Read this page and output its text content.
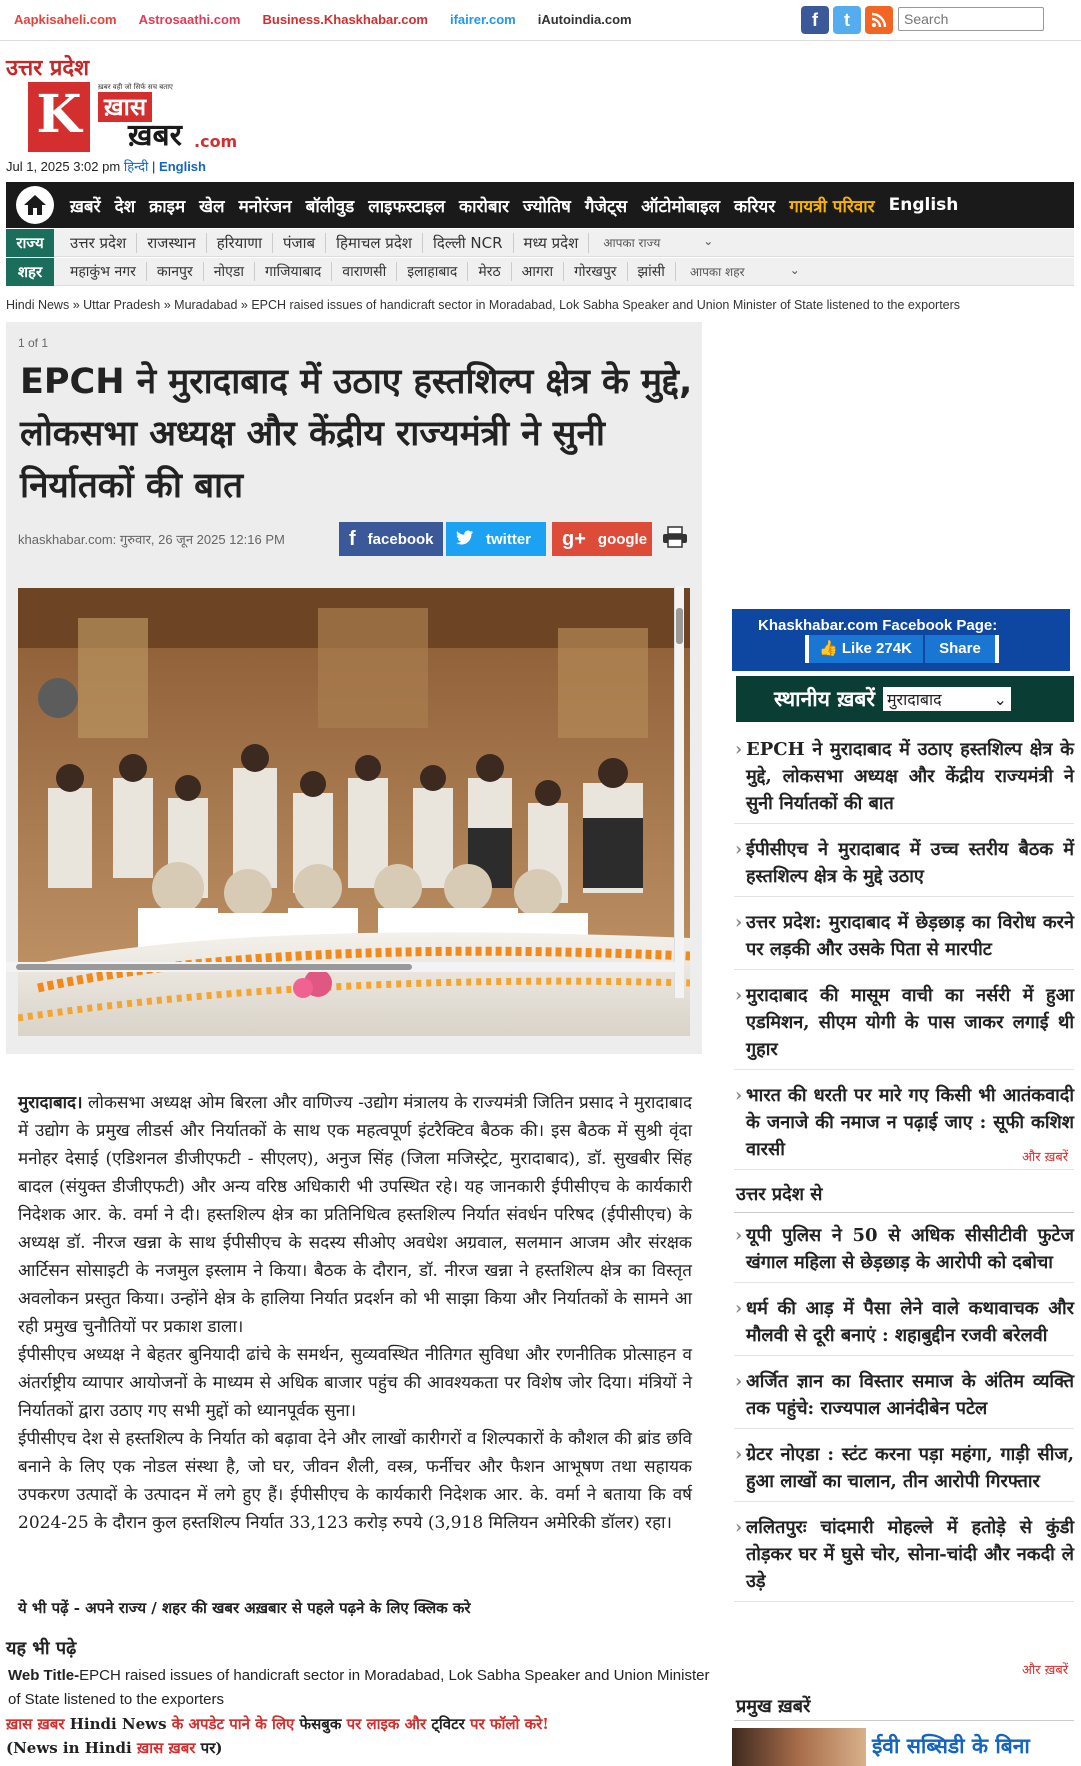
Aapkisaheli.com Astrosaathi.com Business.Khaskhabar.com ifairer.com iAutoindia.com	f	t
Search
उत्तर प्रदेश
K	ख़बर वही जो सिर्फ सच बताए
ख़ास
ख़बर .com
Jul 1, 2025 3:02 pm हिन्दी | English
ख़बरें देश क्राइम खेल मनोरंजन बॉलीवुड लाइफस्टाइल कारोबार ज्योतिष गैजेट्स ऑटोमोबाइल करियर गायत्री परिवार English
राज्य	उत्तर प्रदेश	राजस्थान	हरियाणा	पंजाब	हिमाचल प्रदेश	दिल्ली NCR	मध्य प्रदेश	आपका राज्य	⌄
शहर	महाकुंभ नगर	कानपुर	नोएडा	गाजियाबाद	वाराणसी	इलाहाबाद	मेरठ	आगरा	गोरखपुर	झांसी	आपका शहर	⌄
Hindi News » Uttar Pradesh » Muradabad » EPCH raised issues of handicraft sector in Moradabad, Lok Sabha Speaker and Union Minister of State listened to the exporters
1 of 1
EPCH ने मुरादाबाद में उठाए हस्तशिल्प क्षेत्र के मुद्दे, लोकसभा अध्यक्ष और केंद्रीय राज्यमंत्री ने सुनी निर्यातकों की बात
khaskhabar.com: गुरुवार, 26 जून 2025 12:16 PM	f facebook	twitter g+ google

मुरादाबाद। लोकसभा अध्यक्ष ओम बिरला और वाणिज्य -उद्योग मंत्रालय के राज्यमंत्री जितिन प्रसाद ने मुरादाबाद में उद्योग के प्रमुख लीडर्स और निर्यातकों के साथ एक महत्वपूर्ण इंटरैक्टिव बैठक की। इस बैठक में सुश्री वृंदा मनोहर देसाई (एडिशनल डीजीएफटी - सीएलए), अनुज सिंह (जिला मजिस्ट्रेट, मुरादाबाद), डॉ. सुखबीर सिंह बादल (संयुक्त डीजीएफटी) और अन्य वरिष्ठ अधिकारी भी उपस्थित रहे। यह जानकारी ईपीसीएच के कार्यकारी निदेशक आर. के. वर्मा ने दी। हस्तशिल्प क्षेत्र का प्रतिनिधित्व हस्तशिल्प निर्यात संवर्धन परिषद (ईपीसीएच) के अध्यक्ष डॉ. नीरज खन्ना के साथ ईपीसीएच के सदस्य सीओए अवधेश अग्रवाल, सलमान आजम और संरक्षक आर्टिसन सोसाइटी के नजमुल इस्लाम ने किया। बैठक के दौरान, डॉ. नीरज खन्ना ने हस्तशिल्प क्षेत्र का विस्तृत अवलोकन प्रस्तुत किया। उन्होंने क्षेत्र के हालिया निर्यात प्रदर्शन को भी साझा किया और निर्यातकों के सामने आ रही प्रमुख चुनौतियों पर प्रकाश डाला।

ईपीसीएच अध्यक्ष ने बेहतर बुनियादी ढांचे के समर्थन, सुव्यवस्थित नीतिगत सुविधा और रणनीतिक प्रोत्साहन व अंतर्राष्ट्रीय व्यापार आयोजनों के माध्यम से अधिक बाजार पहुंच की आवश्यकता पर विशेष जोर दिया। मंत्रियों ने निर्यातकों द्वारा उठाए गए सभी मुद्दों को ध्यानपूर्वक सुना।

ईपीसीएच देश से हस्तशिल्प के निर्यात को बढ़ावा देने और लाखों कारीगरों व शिल्पकारों के कौशल की ब्रांड छवि बनाने के लिए एक नोडल संस्था है, जो घर, जीवन शैली, वस्त्र, फर्नीचर और फैशन आभूषण तथा सहायक उपकरण उत्पादों के उत्पादन में लगे हुए हैं। ईपीसीएच के कार्यकारी निदेशक आर. के. वर्मा ने बताया कि वर्ष 2024-25 के दौरान कुल हस्तशिल्प निर्यात 33,123 करोड़ रुपये (3,918 मिलियन अमेरिकी डॉलर) रहा।

ये भी पढ़ें - अपने राज्य / शहर की खबर अख़बार से पहले पढ़ने के लिए क्लिक करे
यह भी पढ़े
Web Title-EPCH raised issues of handicraft sector in Moradabad, Lok Sabha Speaker and Union Minister of State listened to the exporters
ख़ास ख़बर Hindi News के अपडेट पाने के लिए फेसबुक पर लाइक और ट्विटर पर फॉलो करे!
(News in Hindi ख़ास ख़बर पर)
Khaskhabar.com Facebook Page:
👍 Like 274K	Share
स्थानीय ख़बरें मुरादाबाद	⌄
› EPCH ने मुरादाबाद में उठाए हस्तशिल्प क्षेत्र के मुद्दे, लोकसभा अध्यक्ष और केंद्रीय राज्यमंत्री ने सुनी निर्यातकों की बात
› ईपीसीएच ने मुरादाबाद में उच्च स्तरीय बैठक में हस्तशिल्प क्षेत्र के मुद्दे उठाए
› उत्तर प्रदेश: मुरादाबाद में छेड़छाड़ का विरोध करने पर लड़की और उसके पिता से मारपीट
› मुरादाबाद की मासूम वाची का नर्सरी में हुआ एडमिशन, सीएम योगी के पास जाकर लगाई थी गुहार
› भारत की धरती पर मारे गए किसी भी आतंकवादी के जनाजे की नमाज न पढ़ाई जाए : सूफी कशिश वारसी	और ख़बरें
उत्तर प्रदेश से
› यूपी पुलिस ने 50 से अधिक सीसीटीवी फुटेज खंगाल महिला से छेड़छाड़ के आरोपी को दबोचा
› धर्म की आड़ में पैसा लेने वाले कथावाचक और मौलवी से दूरी बनाएं : शहाबुद्दीन रजवी बरेलवी
› अर्जित ज्ञान का विस्तार समाज के अंतिम व्यक्ति तक पहुंचे: राज्यपाल आनंदीबेन पटेल
› ग्रेटर नोएडा : स्टंट करना पड़ा महंगा, गाड़ी सीज, हुआ लाखों का चालान, तीन आरोपी गिरफ्तार
› ललितपुरः चांदमारी मोहल्ले में हतोड़े से कुंडी तोड़कर घर में घुसे चोर, सोना-चांदी और नकदी ले उड़े
और ख़बरें
प्रमुख ख़बरें
ईवी सब्सिडी के बिना
